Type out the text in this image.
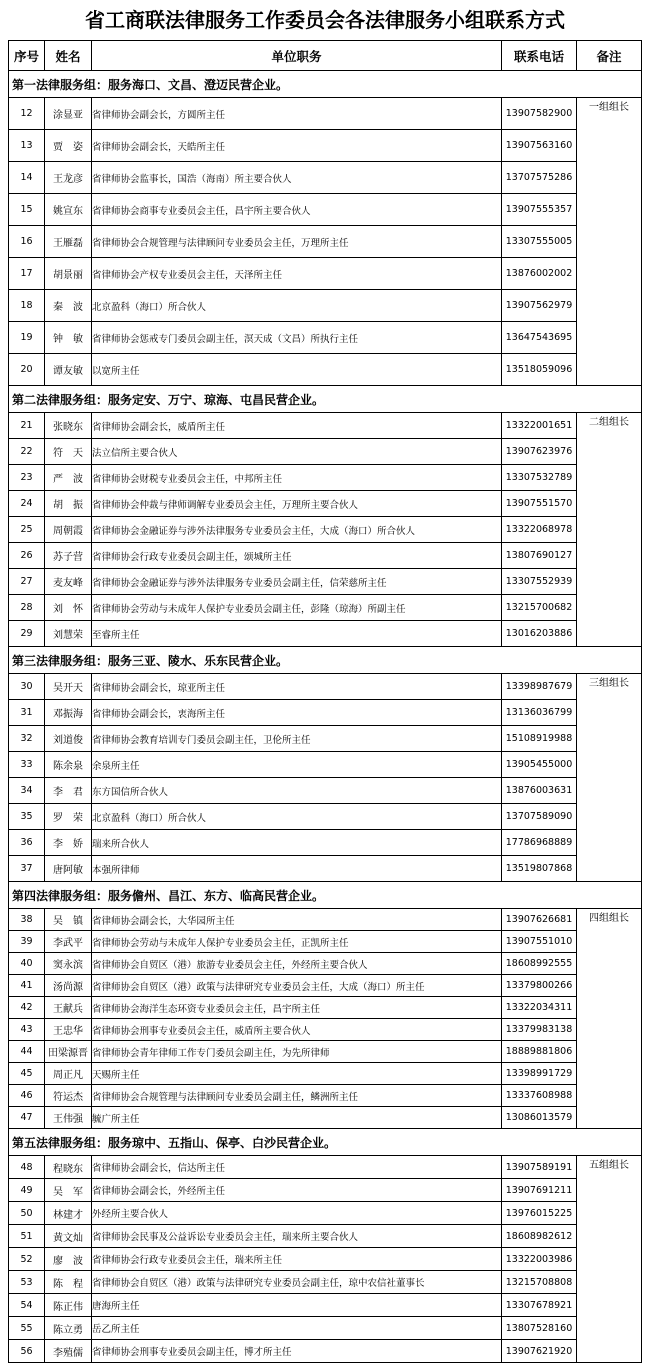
省工商联法律服务工作委员会各法律服务小组联系方式
序号	姓名	单位职务	联系电话	备注
第一法律服务组：服务海口、文昌、澄迈民营企业。				
12	涂显亚	省律师协会副会长，方圆所主任	13907582900	一组组长
13	贾　姿	省律师协会副会长，天皓所主任	13907563160	
14	王龙彦	省律师协会监事长，国浩（海南）所主要合伙人	13707575286	
15	姚宣东	省律师协会商事专业委员会主任，昌宇所主要合伙人	13907555357	
16	王雁磊	省律师协会合规管理与法律顾问专业委员会主任，万理所主任	13307555005	
17	胡景丽	省律师协会产权专业委员会主任，天泽所主任	13876002002	
18	秦　波	北京盈科（海口）所合伙人	13907562979	
19	钟　敏	省律师协会惩戒专门委员会副主任，溟天成（文昌）所执行主任	13647543695	
20	谭友敏	以宽所主任	13518059096	
第二法律服务组：服务定安、万宁、琼海、屯昌民营企业。				
21	张晓东	省律师协会副会长，威盾所主任	13322001651	二组组长
22	符　天	法立信所主要合伙人	13907623976	
23	严　波	省律师协会财税专业委员会主任，中邦所主任	13307532789	
24	胡　振	省律师协会仲裁与律师调解专业委员会主任，万理所主要合伙人	13907551570	
25	周朝霞	省律师协会金融证券与涉外法律服务专业委员会主任，大成（海口）所合伙人	13322068978	
26	苏子营	省律师协会行政专业委员会副主任，颂城所主任	13807690127	
27	麦友峰	省律师协会金融证券与涉外法律服务专业委员会副主任，信荣慈所主任	13307552939	
28	刘　怀	省律师协会劳动与未成年人保护专业委员会副主任，彭隆（琼海）所副主任	13215700682	
29	刘慧荣	至睿所主任	13016203886	
第三法律服务组：服务三亚、陵水、乐东民营企业。				
30	吴开天	省律师协会副会长，琼亚所主任	13398987679	三组组长
31	邓振海	省律师协会副会长，衷海所主任	13136036799	
32	刘道俊	省律师协会教育培训专门委员会副主任，卫伦所主任	15108919988	
33	陈余泉	余泉所主任	13905455000	
34	李　君	东方国信所合伙人	13876003631	
35	罗　荣	北京盈科（海口）所合伙人	13707589090	
36	李　娇	瑞来所合伙人	17786968889	
37	唐阿敏	本强所律师	13519807868	
第四法律服务组：服务儋州、昌江、东方、临高民营企业。				
38	吴　镇	省律师协会副会长，大华园所主任	13907626681	四组组长
39	李武平	省律师协会劳动与未成年人保护专业委员会主任，正凯所主任	13907551010	
40	窦永滨	省律师协会自贸区（港）旅游专业委员会主任，外经所主要合伙人	18608992555	
41	汤尚源	省律师协会自贸区（港）政策与法律研究专业委员会主任，大成（海口）所主任	13379800266	
42	王献兵	省律师协会海洋生态环资专业委员会主任，昌宇所主任	13322034311	
43	王忠华	省律师协会刑事专业委员会主任，威盾所主要合伙人	13379983138	
44	田梁源晋	省律师协会青年律师工作专门委员会副主任，为先所律师	18889881806	
45	周正凡	天赐所主任	13398991729	
46	符运杰	省律师协会合规管理与法律顾问专业委员会副主任，鳞洲所主任	13337608988	
47	王伟强	毓广所主任	13086013579	
第五法律服务组：服务琼中、五指山、保亭、白沙民营企业。				
48	程晓东	省律师协会副会长，信达所主任	13907589191	五组组长
49	吴　军	省律师协会副会长，外经所主任	13907691211	
50	林建才	外经所主要合伙人	13976015225	
51	黄文灿	省律师协会民事及公益诉讼专业委员会主任，瑞来所主要合伙人	18608982612	
52	廖　波	省律师协会行政专业委员会主任，瑞来所主任	13322003986	
53	陈　程	省律师协会自贸区（港）政策与法律研究专业委员会副主任，琼中农信社董事长	13215708808	
54	陈正伟	唐海所主任	13307678921	
55	陈立勇	岳乙所主任	13807528160	
56	李殖儒	省律师协会刑事专业委员会副主任，博才所主任	13907621920	
